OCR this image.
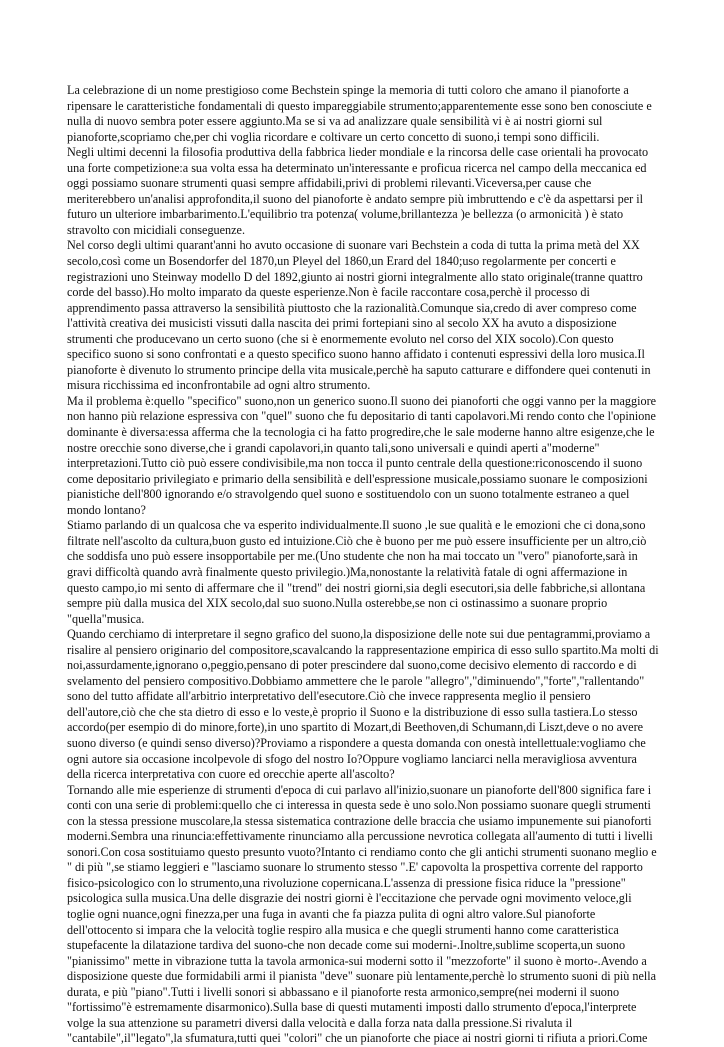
La celebrazione di un nome prestigioso come Bechstein spinge la memoria di tutti coloro che amano il pianoforte a ripensare le caratteristiche fondamentali di questo impareggiabile strumento;apparentemente esse sono ben conosciute e nulla di nuovo sembra poter essere aggiunto.Ma se si va ad analizzare quale sensibilità vi è ai nostri giorni sul pianoforte,scopriamo che,per chi voglia ricordare e coltivare un certo concetto di suono,i tempi sono difficili.

Negli ultimi decenni la filosofia produttiva della fabbrica lieder mondiale e la rincorsa delle case orientali ha provocato una forte competizione:a sua volta essa ha determinato un'interessante e proficua ricerca nel campo della meccanica ed oggi possiamo suonare strumenti quasi sempre affidabili,privi di problemi rilevanti.Viceversa,per cause che meriterebbero un'analisi approfondita,il suono del pianoforte è andato sempre più imbruttendo e c'è da aspettarsi per il futuro un ulteriore imbarbarimento.L'equilibrio tra potenza( volume,brillantezza )e bellezza (o armonicità ) è stato stravolto con micidiali conseguenze.

Nel corso degli ultimi quarant'anni ho avuto occasione di suonare vari Bechstein a coda di tutta la prima metà del XX secolo,così come un Bosendorfer del 1870,un Pleyel del 1860,un Erard del 1840;uso regolarmente per concerti e registrazioni uno Steinway modello D del 1892,giunto ai nostri giorni integralmente allo stato originale(tranne quattro corde del basso).Ho molto imparato da queste esperienze.Non è facile raccontare cosa,perchè il processo di apprendimento passa attraverso la sensibilità piuttosto che la razionalità.Comunque sia,credo di aver compreso come l'attività creativa dei musicisti vissuti dalla nascita dei primi fortepiani sino al secolo XX ha avuto a disposizione strumenti che producevano un certo suono (che si è enormemente evoluto nel corso del XIX socolo).Con questo specifico suono si sono confrontati e a questo specifico suono hanno affidato i contenuti espressivi della loro musica.Il pianoforte è divenuto lo strumento principe della vita musicale,perchè ha saputo catturare e diffondere quei contenuti in misura ricchissima ed inconfrontabile ad ogni altro strumento.

Ma il problema è:quello "specifico" suono,non un generico suono.Il suono dei pianoforti che oggi vanno per la maggiore non hanno più relazione espressiva con "quel" suono che fu depositario di tanti capolavori.Mi rendo conto che l'opinione dominante è diversa:essa afferma che la tecnologia ci ha fatto progredire,che le sale moderne hanno altre esigenze,che le nostre orecchie sono diverse,che i grandi capolavori,in quanto tali,sono universali e quindi aperti a"moderne" interpretazioni.Tutto ciò può essere condivisibile,ma non tocca il punto centrale della questione:riconoscendo il suono come depositario privilegiato e primario della sensibilità e dell'espressione musicale,possiamo suonare le composizioni pianistiche dell'800 ignorando e/o stravolgendo quel suono e sostituendolo con un suono totalmente estraneo a quel mondo lontano?

Stiamo parlando di un qualcosa che va esperito individualmente.Il suono ,le sue qualità e le emozioni che ci dona,sono filtrate nell'ascolto da cultura,buon gusto ed intuizione.Ciò che è buono per me può essere insufficiente per un altro,ciò che soddisfa uno può essere insopportabile per me.(Uno studente che non ha mai toccato un "vero" pianoforte,sarà in gravi difficoltà quando avrà finalmente questo privilegio.)Ma,nonostante la relatività fatale di ogni affermazione in questo campo,io mi sento di affermare che il "trend" dei nostri giorni,sia degli esecutori,sia delle fabbriche,si allontana sempre più dalla musica del XIX secolo,dal suo suono.Nulla osterebbe,se non ci ostinassimo a suonare proprio "quella"musica.

Quando cerchiamo di interpretare il segno grafico del suono,la disposizione delle note sui due pentagrammi,proviamo a risalire al pensiero originario del compositore,scavalcando la rappresentazione empirica di esso sullo spartito.Ma molti di noi,assurdamente,ignorano o,peggio,pensano di poter prescindere dal suono,come decisivo elemento di raccordo e di svelamento del pensiero compositivo.Dobbiamo ammettere che le parole "allegro","diminuendo","forte","rallentando" sono del tutto affidate all'arbitrio interpretativo dell'esecutore.Ciò che invece rappresenta meglio il pensiero dell'autore,ciò che che sta dietro di esso e lo veste,è proprio il Suono e la distribuzione di esso sulla tastiera.Lo stesso accordo(per esempio di do minore,forte),in uno spartito di Mozart,di Beethoven,di Schumann,di Liszt,deve o no avere suono diverso (e quindi senso diverso)?Proviamo a rispondere a questa domanda con onestà intellettuale:vogliamo che ogni autore sia occasione incolpevole di sfogo del nostro Io?Oppure vogliamo lanciarci nella meravigliosa avventura della ricerca interpretativa con cuore ed orecchie aperte all'ascolto?

Tornando alle mie esperienze di strumenti d'epoca di cui parlavo all'inizio,suonare un pianoforte dell'800 significa fare i conti con una serie di problemi:quello che ci interessa in questa sede è uno solo.Non possiamo suonare quegli strumenti con la stessa pressione muscolare,la stessa sistematica contrazione delle braccia che usiamo impunemente sui pianoforti moderni.Sembra una rinuncia:effettivamente rinunciamo alla percussione nevrotica collegata all'aumento di tutti i livelli sonori.Con cosa sostituiamo questo presunto vuoto?Intanto ci rendiamo conto che gli antichi strumenti suonano meglio e " di più ",se stiamo leggieri e "lasciamo suonare lo strumento stesso ".E' capovolta la prospettiva corrente del rapporto fisico-psicologico con lo strumento,una rivoluzione copernicana.L'assenza di pressione fisica riduce la "pressione" psicologica sulla musica.Una delle disgrazie dei nostri giorni è l'eccitazione che pervade ogni movimento veloce,gli toglie ogni nuance,ogni finezza,per una fuga in avanti che fa piazza pulita di ogni altro valore.Sul pianoforte dell'ottocento si impara che la velocità toglie respiro alla musica e che quegli strumenti hanno come caratteristica stupefacente la dilatazione tardiva del suono-che non decade come sui moderni-.Inoltre,sublime scoperta,un suono "pianissimo" mette in vibrazione tutta la tavola armonica-sui moderni sotto il "mezzoforte" il suono è morto-.Avendo a disposizione queste due formidabili armi il pianista "deve" suonare più lentamente,perchè lo strumento suoni di più nella durata, e più "piano".Tutti i livelli sonori si abbassano e il pianoforte resta armonico,sempre(nei moderni il suono "fortissimo"è estremamente disarmonico).Sulla base di questi mutamenti imposti dallo strumento d'epoca,l'interprete volge la sua attenzione su parametri diversi dalla velocità e dalla forza nata dalla pressione.Si rivaluta il "cantabile",il"legato",la sfumatura,tutti quei "colori" che un pianoforte che piace ai nostri giorni ti rifiuta a priori.Come
